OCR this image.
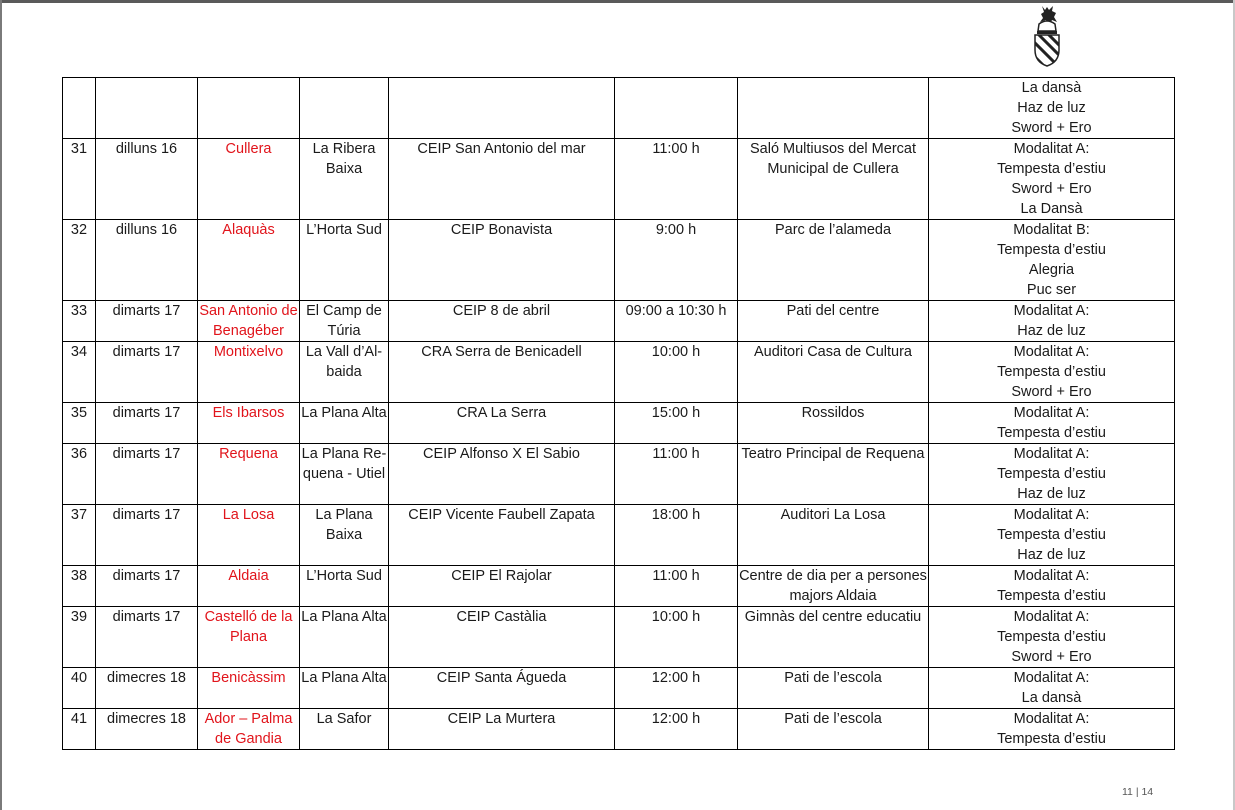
							La dansà
Haz de luz
Sword + Ero

31	dilluns 16	Cullera	La Ribera Baixa	CEIP San Antonio del mar	11:00 h	Saló Multiusos del Mercat Municipal de Cullera	Modalitat A:
Tempesta d’estiu
Sword + Ero
La Dansà

32	dilluns 16	Alaquàs	L’Horta Sud	CEIP Bonavista	9:00 h	Parc de l’alameda	Modalitat B:
Tempesta d’estiu
Alegria
Puc ser

33	dimarts 17	San Antonio de Benagéber	El Camp de Túria	CEIP 8 de abril	09:00 a 10:30 h	Pati del centre	Modalitat A:
Haz de luz

34	dimarts 17	Montixelvo	La Vall d’Al-baida	CRA Serra de Benicadell	10:00 h	Auditori Casa de Cultura	Modalitat A:
Tempesta d’estiu
Sword + Ero

35	dimarts 17	Els Ibarsos	La Plana Alta	CRA La Serra	15:00 h	Rossildos	Modalitat A:
Tempesta d’estiu

36	dimarts 17	Requena	La Plana Re-quena - Utiel	CEIP Alfonso X El Sabio	11:00 h	Teatro Principal de Requena	Modalitat A:
Tempesta d’estiu
Haz de luz

37	dimarts 17	La Losa	La Plana Baixa	CEIP Vicente Faubell Zapata	18:00 h	Auditori La Losa	Modalitat A:
Tempesta d’estiu
Haz de luz

38	dimarts 17	Aldaia	L’Horta Sud	CEIP El Rajolar	11:00 h	Centre de dia per a persones majors Aldaia	Modalitat A:
Tempesta d’estiu

39	dimarts 17	Castelló de la Plana	La Plana Alta	CEIP Castàlia	10:00 h	Gimnàs del centre educatiu	Modalitat A:
Tempesta d’estiu
Sword + Ero

40	dimecres 18	Benicàssim	La Plana Alta	CEIP Santa Águeda	12:00 h	Pati de l’escola	Modalitat A:
La dansà

41	dimecres 18	Ador – Palma de Gandia	La Safor	CEIP La Murtera	12:00 h	Pati de l’escola	Modalitat A:
Tempesta d’estiu
11 | 14
